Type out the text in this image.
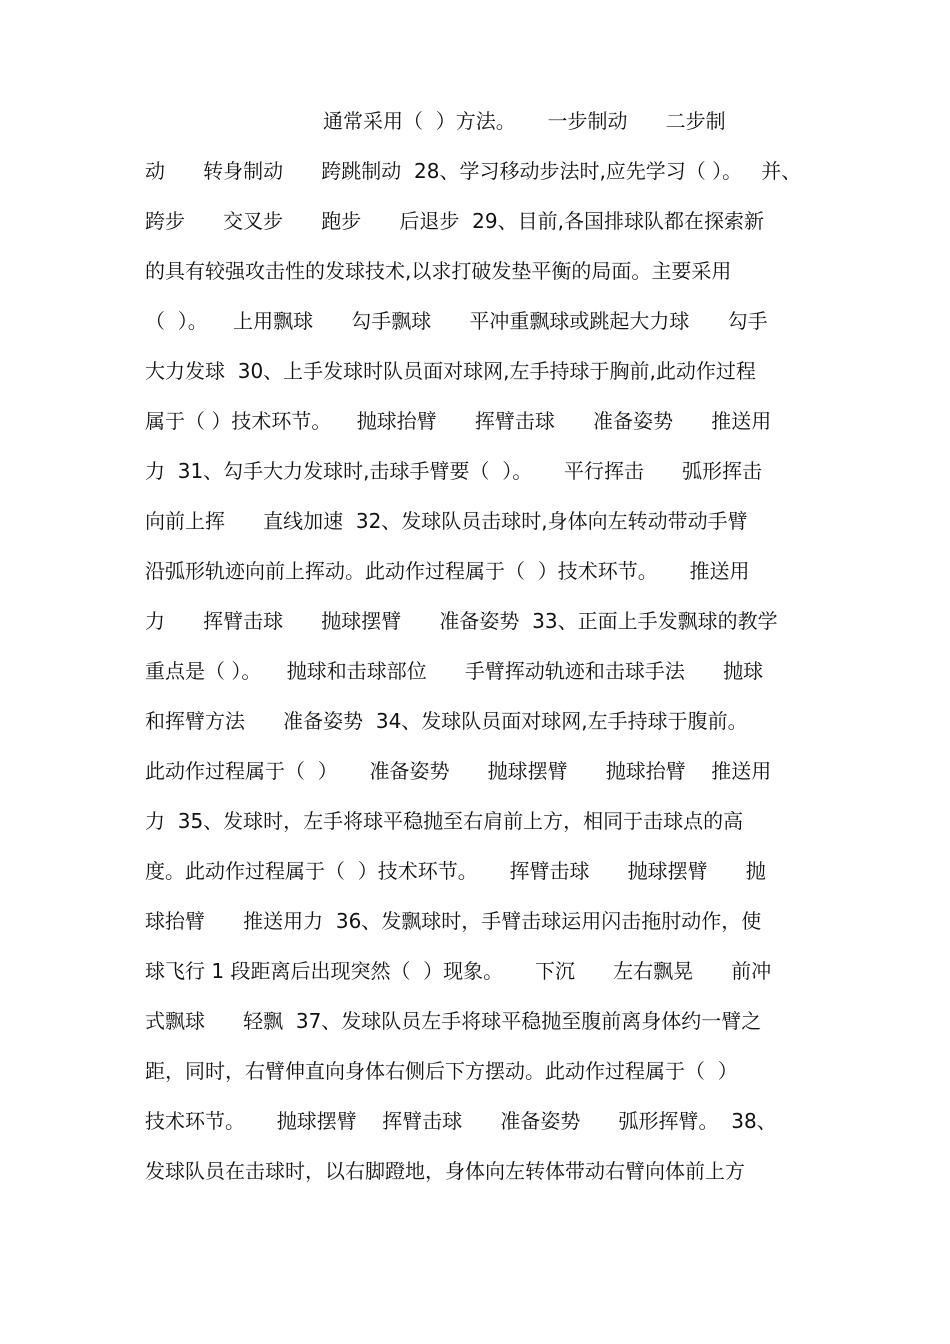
通常采用（  ）方法。     一步制动      二步制
动      转身制动      跨跳制动  28、学习移动步法时,应先学习（ ）。   并、
跨步      交叉步      跑步      后退步  29、目前,各国排球队都在探索新
的具有较强攻击性的发球技术,以求打破发垫平衡的局面。主要采用
（  ）。    上用飘球      勾手飘球      平冲重飘球或跳起大力球      勾手
大力发球  30、上手发球时队员面对球网,左手持球于胸前,此动作过程
属于（ ）技术环节。    抛球抬臂      挥臂击球      准备姿势      推送用
力  31、勾手大力发球时,击球手臂要（  ）。     平行挥击      弧形挥击
向前上挥      直线加速  32、发球队员击球时,身体向左转动带动手臂
沿弧形轨迹向前上挥动。此动作过程属于（  ）技术环节。     推送用
力      挥臂击球      抛球摆臂      准备姿势  33、正面上手发飘球的教学
重点是（ ）。    抛球和击球部位      手臂挥动轨迹和击球手法      抛球
和挥臂方法      准备姿势  34、发球队员面对球网,左手持球于腹前。
此动作过程属于（  ）     准备姿势      抛球摆臂      抛球抬臂    推送用
力  35、发球时，左手将球平稳抛至右肩前上方，相同于击球点的高
度。此动作过程属于（  ）技术环节。     挥臂击球      抛球摆臂      抛
球抬臂      推送用力  36、发飘球时，手臂击球运用闪击拖肘动作，使
球飞行 1 段距离后出现突然（  ）现象。     下沉      左右飘晃      前冲
式飘球      轻飘  37、发球队员左手将球平稳抛至腹前离身体约一臂之
距，同时，右臂伸直向身体右侧后下方摆动。此动作过程属于（  ）
技术环节。     抛球摆臂    挥臂击球      准备姿势      弧形挥臂。  38、
发球队员在击球时，以右脚蹬地，身体向左转体带动右臂向体前上方
